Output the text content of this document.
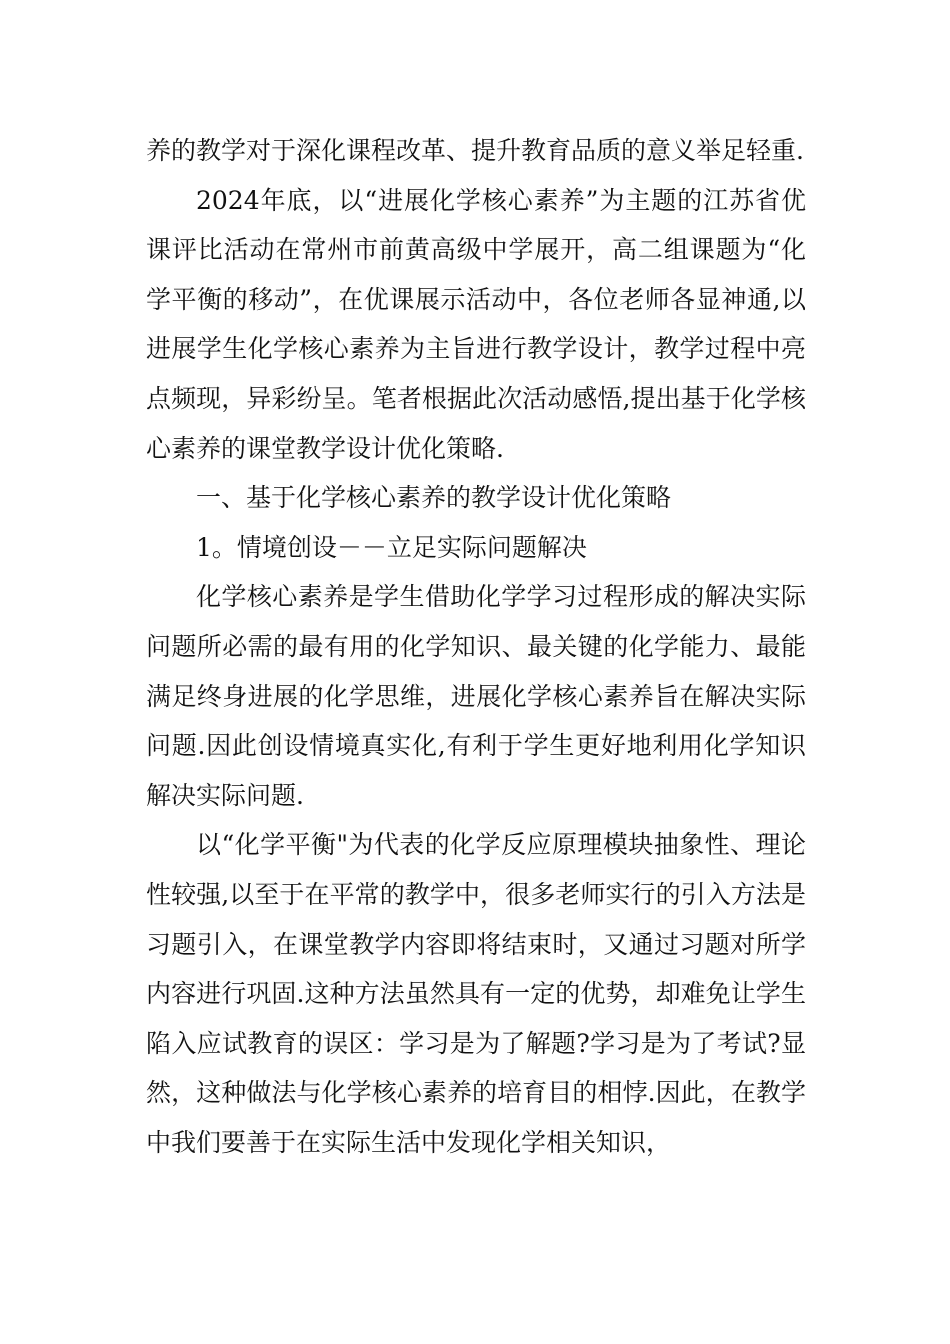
养的教学对于深化课程改革、提升教育品质的意义举足轻重.

2024年底，以“进展化学核心素养”为主题的江苏省优课评比活动在常州市前黄高级中学展开，高二组课题为“化学平衡的移动”，在优课展示活动中，各位老师各显神通,以进展学生化学核心素养为主旨进行教学设计，教学过程中亮点频现，异彩纷呈。笔者根据此次活动感悟,提出基于化学核心素养的课堂教学设计优化策略.

一、基于化学核心素养的教学设计优化策略

1。情境创设－－立足实际问题解决

化学核心素养是学生借助化学学习过程形成的解决实际问题所必需的最有用的化学知识、最关键的化学能力、最能满足终身进展的化学思维，进展化学核心素养旨在解决实际问题.因此创设情境真实化,有利于学生更好地利用化学知识解决实际问题.

以“化学平衡"为代表的化学反应原理模块抽象性、理论性较强,以至于在平常的教学中，很多老师实行的引入方法是习题引入，在课堂教学内容即将结束时，又通过习题对所学内容进行巩固.这种方法虽然具有一定的优势，却难免让学生陷入应试教育的误区：学习是为了解题?学习是为了考试?显然，这种做法与化学核心素养的培育目的相悖.因此，在教学中我们要善于在实际生活中发现化学相关知识，
